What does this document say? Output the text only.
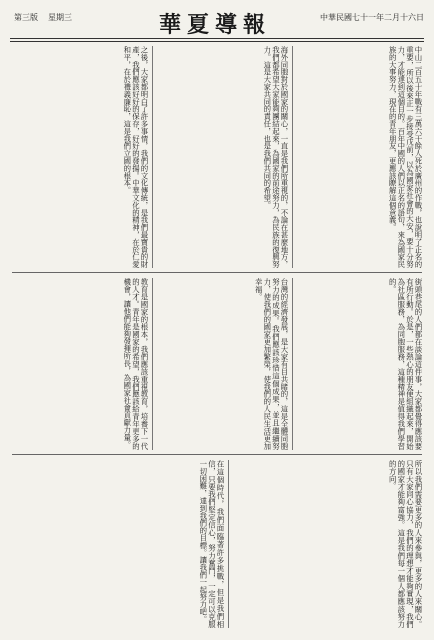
第三版 星期三	華夏導報	中華民國七十一年二月十六日
中山二百五十年戰有三萬六干餘人死於廣州的作戰，也說明了正名的重要，所以後來正一步接受戊前，以為國家社會的大安，要十分努力，才能達到這個目的。百年中國的人們以正名的語句，來為國家民族的大事努力，現在的青年朋友，更應該瞭解這個意義。
海外同胞對於國家的關心，一直是我們所重視的，不論在甚麼地方，我們都希望大家能夠團結起來，為國家的前途努力，為民族的復興努力。這是大家共同的責任，也是我們共同的希望。
之後，大家都明白了許多事情，我們的文化傳統，是我們最寶貴的財產，我們應該好好的保存，好好的發揚。中華文化的精神，在於仁愛和平，在於禮義廉恥，這是我們立國的根本。
街頭巷尾的人們都在談論這件事，大家都覺得應該要有所行動。於是，一些熱心的朋友便組織起來，開始為社區服務，為同胞服務，這種精神是值得我們學習的。
台灣的經濟發展，是大家有目共睹的，這是全體同胞努力的成果。我們應該珍惜這個成果，並且繼續努力，使我們的國家更加繁榮，使我們的人民生活更加幸福。
教育是國家的根本，我們應該重視教育，培養下一代的人才。青年是國家的希望，我們應該給青年更多的機會，讓他們能夠發揮所長，為國家社會貢獻力量。
所以我們需要更多的人來參與，更多的人來關心。只有大家同心協力，我們的理想才能夠實現，我們的國家才能夠富強。這是我們每一個人都應該努力的方向。
在這個時代，我們面臨著許多挑戰，但是我們相信，只要我們堅定信心，努力奮鬥，一定可以克服一切困難，達到我們的目標。讓我們一起努力吧。
